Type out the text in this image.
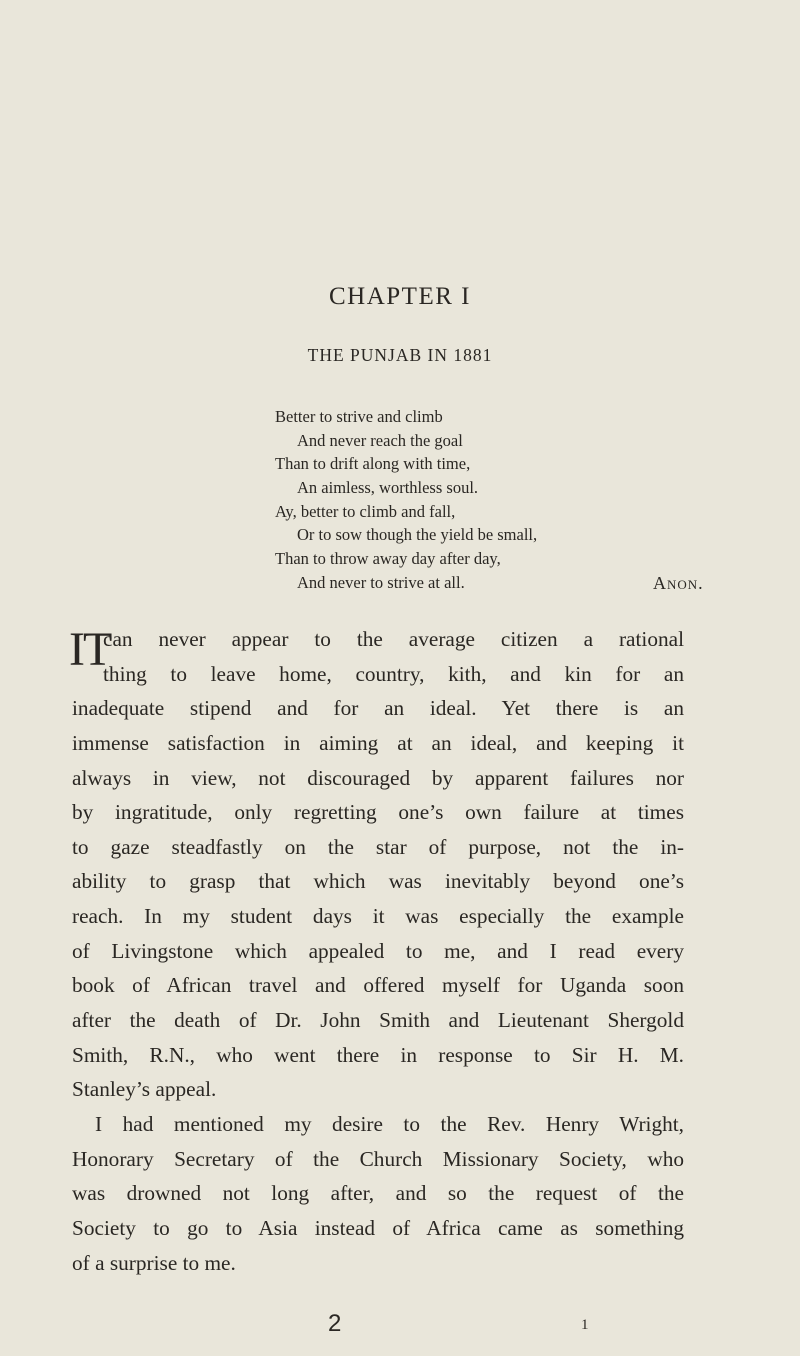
CHAPTER I
THE PUNJAB IN 1881
Better to strive and climb
And never reach the goal
Than to drift along with time,
An aimless, worthless soul.
Ay, better to climb and fall,
Or to sow though the yield be small,
Than to throw away day after day,
And never to strive at all.	Anon.
IT
can never appear to the average citizen a rational
thing to leave home, country, kith, and kin for an
inadequate stipend and for an ideal. Yet there is an
immense satisfaction in aiming at an ideal, and keeping it
always in view, not discouraged by apparent failures nor
by ingratitude, only regretting one’s own failure at times
to gaze steadfastly on the star of purpose, not the in-
ability to grasp that which was inevitably beyond one’s
reach. In my student days it was especially the example
of Livingstone which appealed to me, and I read every
book of African travel and offered myself for Uganda soon
after the death of Dr. John Smith and Lieutenant Shergold
Smith, R.N., who went there in response to Sir H. M.
Stanley’s appeal.
I had mentioned my desire to the Rev. Henry Wright,
Honorary Secretary of the Church Missionary Society, who
was drowned not long after, and so the request of the
Society to go to Asia instead of Africa came as something
of a surprise to me.
2	1
